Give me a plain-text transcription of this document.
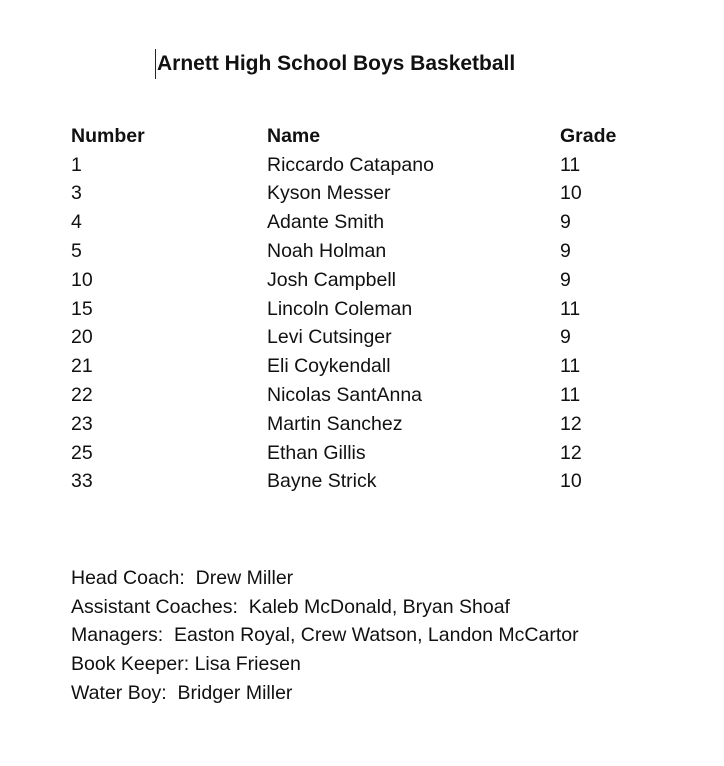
Arnett High School Boys Basketball
Number	Name	Grade
1	Riccardo Catapano	11
3	Kyson Messer	10
4	Adante Smith	9
5	Noah Holman	9
10	Josh Campbell	9
15	Lincoln Coleman	11
20	Levi Cutsinger	9
21	Eli Coykendall	11
22	Nicolas SantAnna	11
23	Martin Sanchez	12
25	Ethan Gillis	12
33	Bayne Strick	10
Head Coach:  Drew Miller
Assistant Coaches:  Kaleb McDonald, Bryan Shoaf
Managers:  Easton Royal, Crew Watson, Landon McCartor
Book Keeper: Lisa Friesen
Water Boy:  Bridger Miller
